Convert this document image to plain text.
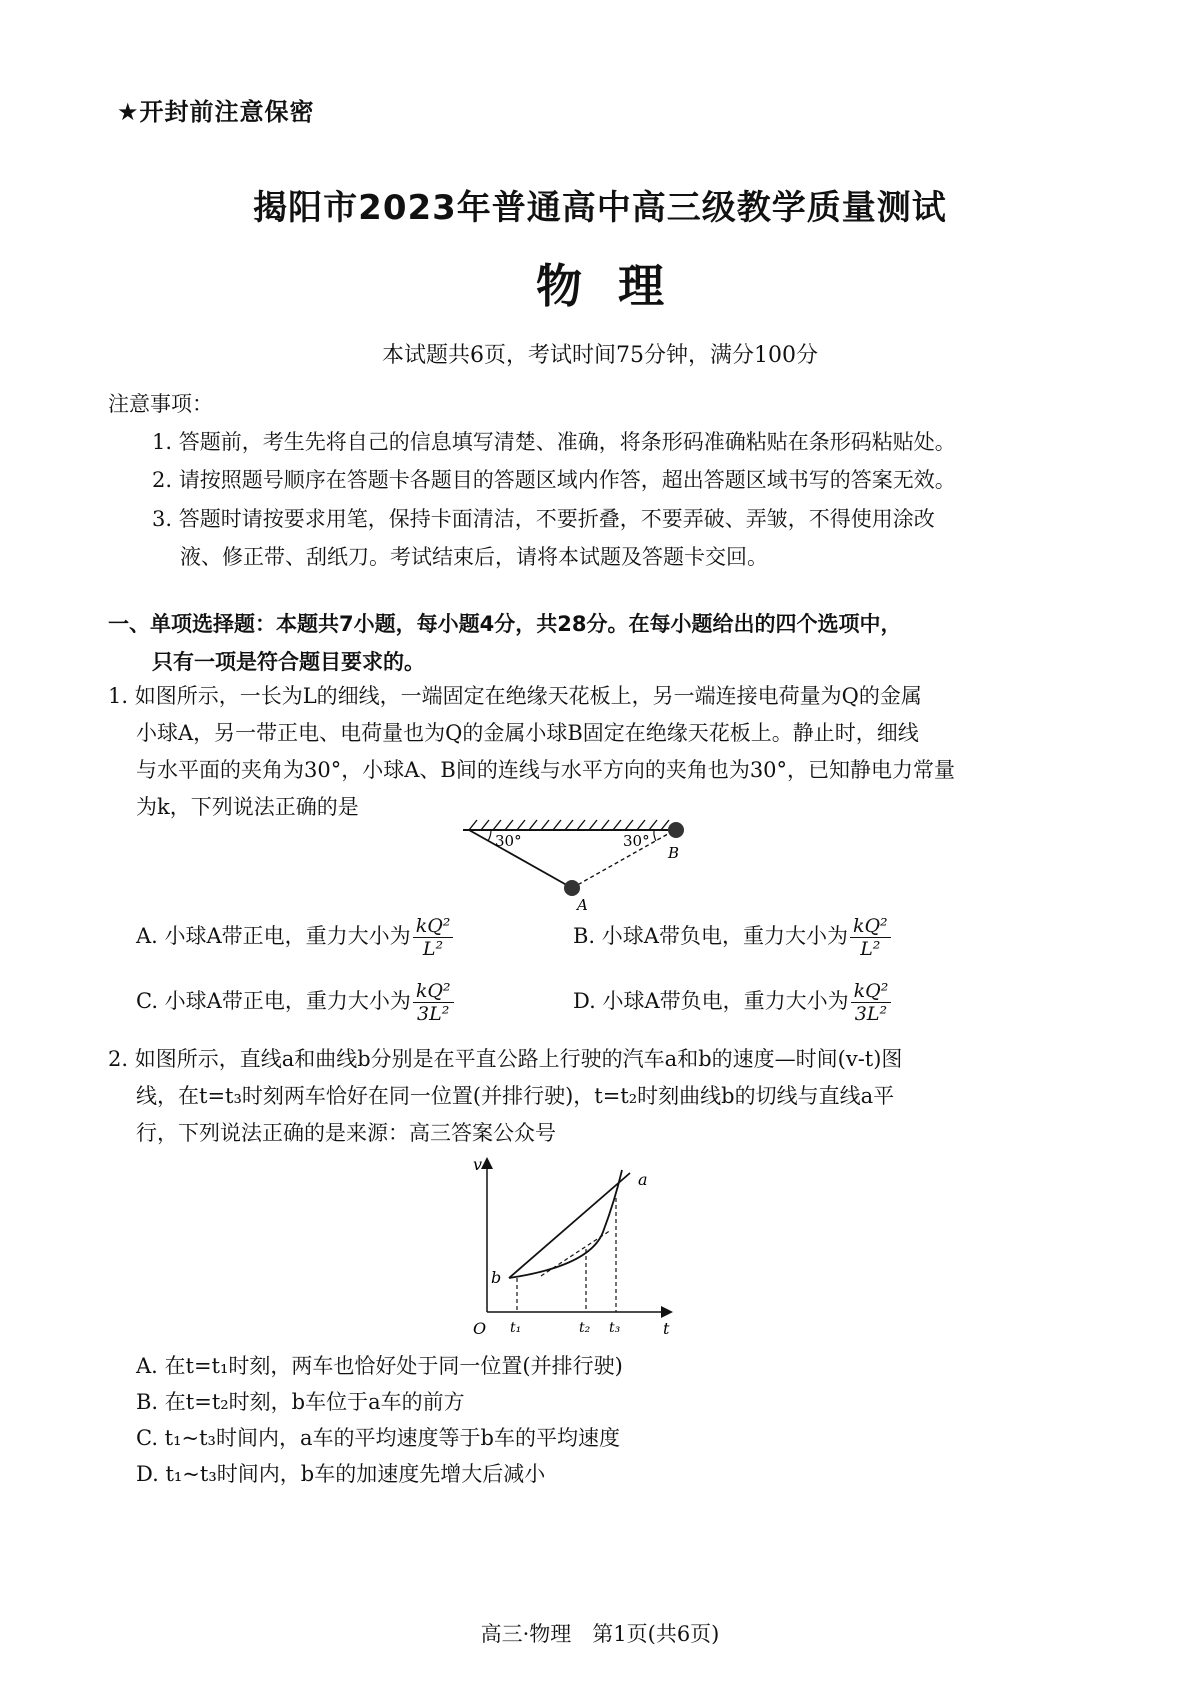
★开封前注意保密
揭阳市2023年普通高中高三级教学质量测试
物理
本试题共6页，考试时间75分钟，满分100分
注意事项：
1. 答题前，考生先将自己的信息填写清楚、准确，将条形码准确粘贴在条形码粘贴处。
2. 请按照题号顺序在答题卡各题目的答题区域内作答，超出答题区域书写的答案无效。
3. 答题时请按要求用笔，保持卡面清洁，不要折叠，不要弄破、弄皱，不得使用涂改
液、修正带、刮纸刀。考试结束后，请将本试题及答题卡交回。
一、单项选择题：本题共7小题，每小题4分，共28分。在每小题给出的四个选项中，
只有一项是符合题目要求的。
1. 如图所示，一长为L的细线，一端固定在绝缘天花板上，另一端连接电荷量为Q的金属
小球A，另一带正电、电荷量也为Q的金属小球B固定在绝缘天花板上。静止时，细线
与水平面的夹角为30°，小球A、B间的连线与水平方向的夹角也为30°，已知静电力常量
为k，下列说法正确的是
30°	30°
A
B
A. 小球A带正电，重力大小为 $\frac{\text{kQ²}}{\text{L²}}$	B. 小球A带负电，重力大小为 $\frac{\text{kQ²}}{\text{L²}}$
C. 小球A带正电，重力大小为 $\frac{\text{kQ²}}{\text{3L²}}$	D. 小球A带负电，重力大小为 $\frac{\text{kQ²}}{\text{3L²}}$
2. 如图所示，直线a和曲线b分别是在平直公路上行驶的汽车a和b的速度—时间(v-t)图
线，在t=t₃时刻两车恰好在同一位置(并排行驶)，t=t₂时刻曲线b的切线与直线a平
行，下列说法正确的是来源：高三答案公众号
v
t
O
a
b
t₁	t₂ t₃
A. 在t=t₁时刻，两车也恰好处于同一位置(并排行驶)
B. 在t=t₂时刻，b车位于a车的前方
C. t₁~t₃时间内，a车的平均速度等于b车的平均速度
D. t₁~t₃时间内，b车的加速度先增大后减小
高三·物理　第1页(共6页)
